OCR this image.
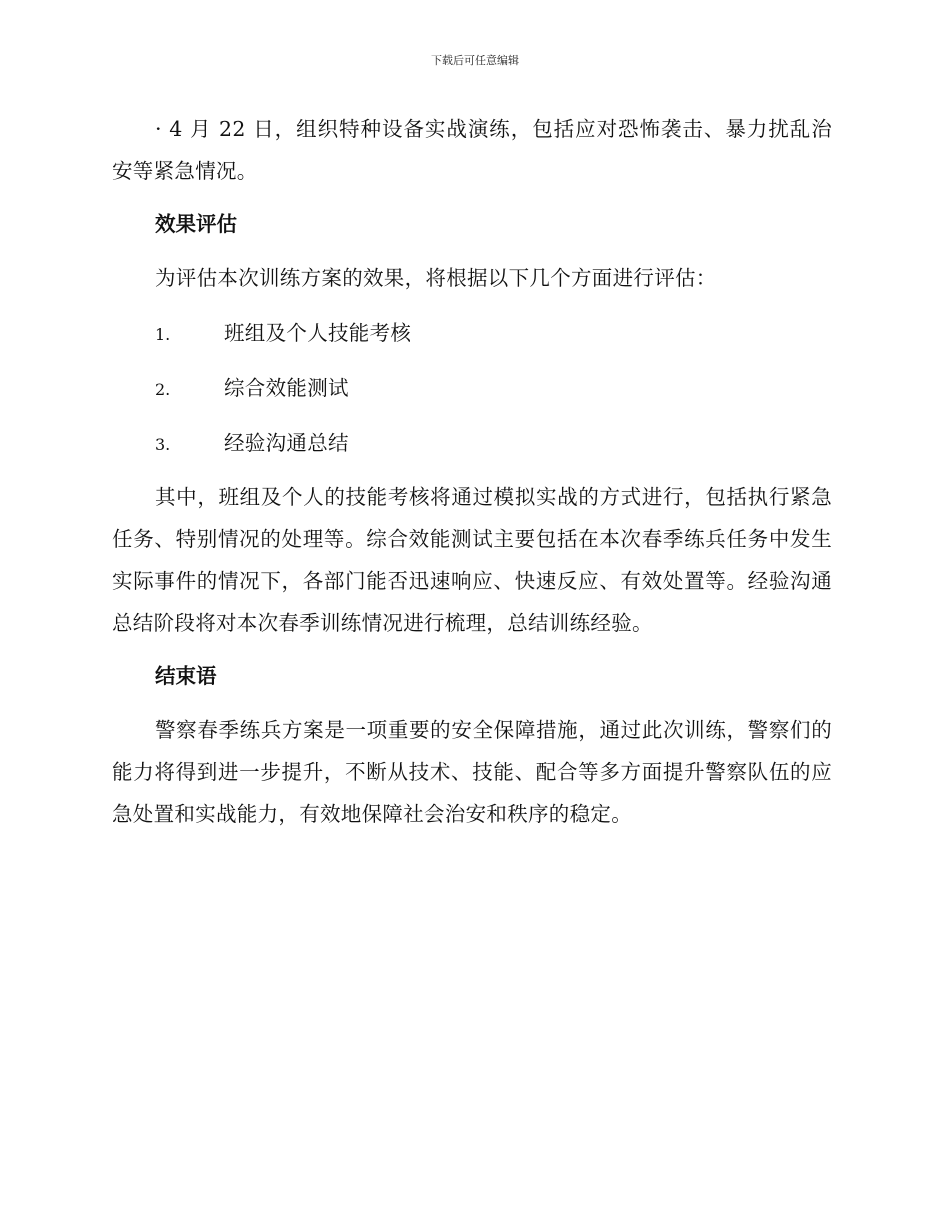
下载后可任意编辑

· 4 月 22 日，组织特种设备实战演练，包括应对恐怖袭击、暴力扰乱治安等紧急情况。

效果评估

为评估本次训练方案的效果，将根据以下几个方面进行评估：

1.	班组及个人技能考核
2.	综合效能测试
3.	经验沟通总结

其中，班组及个人的技能考核将通过模拟实战的方式进行，包括执行紧急任务、特别情况的处理等。综合效能测试主要包括在本次春季练兵任务中发生实际事件的情况下，各部门能否迅速响应、快速反应、有效处置等。经验沟通总结阶段将对本次春季训练情况进行梳理，总结训练经验。

结束语

警察春季练兵方案是一项重要的安全保障措施，通过此次训练，警察们的能力将得到进一步提升，不断从技术、技能、配合等多方面提升警察队伍的应急处置和实战能力，有效地保障社会治安和秩序的稳定。
